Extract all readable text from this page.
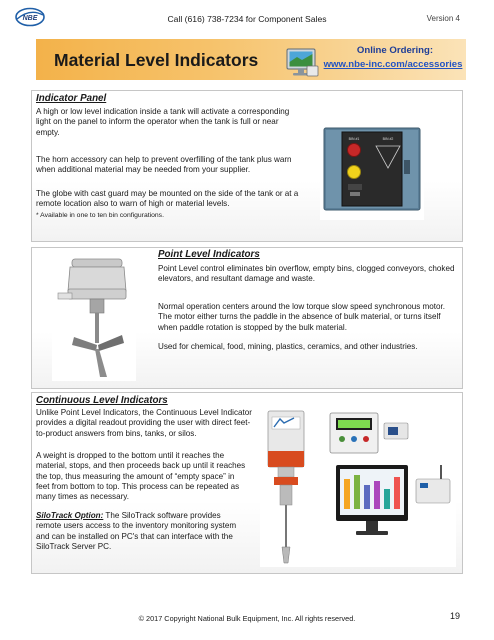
NBE	Call (616) 738-7234 for Component Sales	Version 4
Material Level Indicators	Online Ordering:
www.nbe-inc.com/accessories
Indicator Panel
A high or low level indication inside a tank will activate a corresponding light on the panel to inform the operator when the tank is full or near empty.
The horn accessory can help to prevent overfilling of the tank plus warn when additional material may be needed from your supplier.
The globe with cast guard may be mounted on the side of the tank or at a remote location also to warn of high or material levels.
* Available in one to ten bin configurations.
BIN #1	BIN #2
Point Level Indicators
Point Level control eliminates bin overflow, empty bins, clogged conveyors, choked elevators, and resultant damage and waste.
Normal operation centers around the low torque slow speed synchronous motor. The motor either turns the paddle in the absence of bulk material, or turns itself when paddle rotation is stopped by the bulk material.
Used for chemical, food, mining, plastics, ceramics, and other industries.
Continuous Level Indicators
Unlike Point Level Indicators, the Continuous Level Indicator provides a digital readout providing the user with direct feet-to-product answers from bins, tanks, or silos.
A weight is dropped to the bottom until it reaches the material, stops, and then proceeds back up until it reaches the top, thus measuring the amount of “empty space” in feet from bottom to top. This process can be repeated as many times as necessary.
SiloTrack Option: The SiloTrack software provides remote users access to the inventory monitoring system and can be installed on PC's that can interface with the SiloTrack Server PC.
© 2017 Copyright National Bulk Equipment, Inc. All rights reserved.	19
